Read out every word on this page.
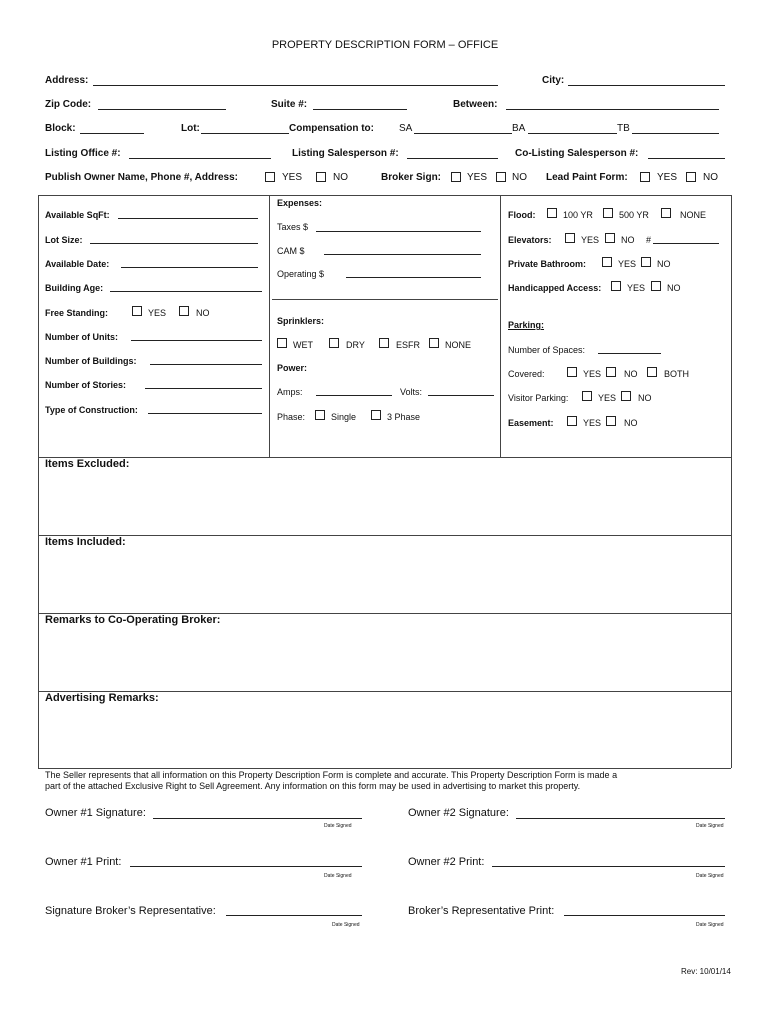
PROPERTY DESCRIPTION FORM – OFFICE
Address:	City:
Zip Code:	Suite #:	Between:
Block:	Lot:	Compensation to:	SA	BA	TB
Listing Office #:	Listing Salesperson #:	Co-Listing Salesperson #:
Publish Owner Name, Phone #, Address:	YES	NO	Broker Sign:	YES NO Lead Paint Form:	YES	NO
Available SqFt:
Lot Size:
Available Date:
Building Age:
Free Standing:	YES	NO
Number of Units:
Number of Buildings:
Number of Stories:
Type of Construction:
Expenses:
Taxes $
CAM $
Operating $
Sprinklers:
WET	DRY	ESFR	NONE
Power:
Amps:	Volts:
Phase:	Single	3 Phase
Flood:	100 YR	500 YR	NONE
Elevators:	YES NO #
Private Bathroom:	YES NO
Handicapped Access:	YES NO
Parking:
Number of Spaces:
Covered:	YES	NO	BOTH
Visitor Parking:	YES NO
Easement:	YES	NO
Items Excluded:
Items Included:
Remarks to Co-Operating Broker:
Advertising Remarks:
The Seller represents that all information on this Property Description Form is complete and accurate. This Property Description Form is made a
part of the attached Exclusive Right to Sell Agreement. Any information on this form may be used in advertising to market this property.
Owner #1 Signature:
Date Signed
Owner #2 Signature:
Date Signed
Owner #1 Print:
Date Signed
Owner #2 Print:
Date Signed
Signature Broker’s Representative:
Date Signed
Broker’s Representative Print:
Date Signed
Rev: 10/01/14
